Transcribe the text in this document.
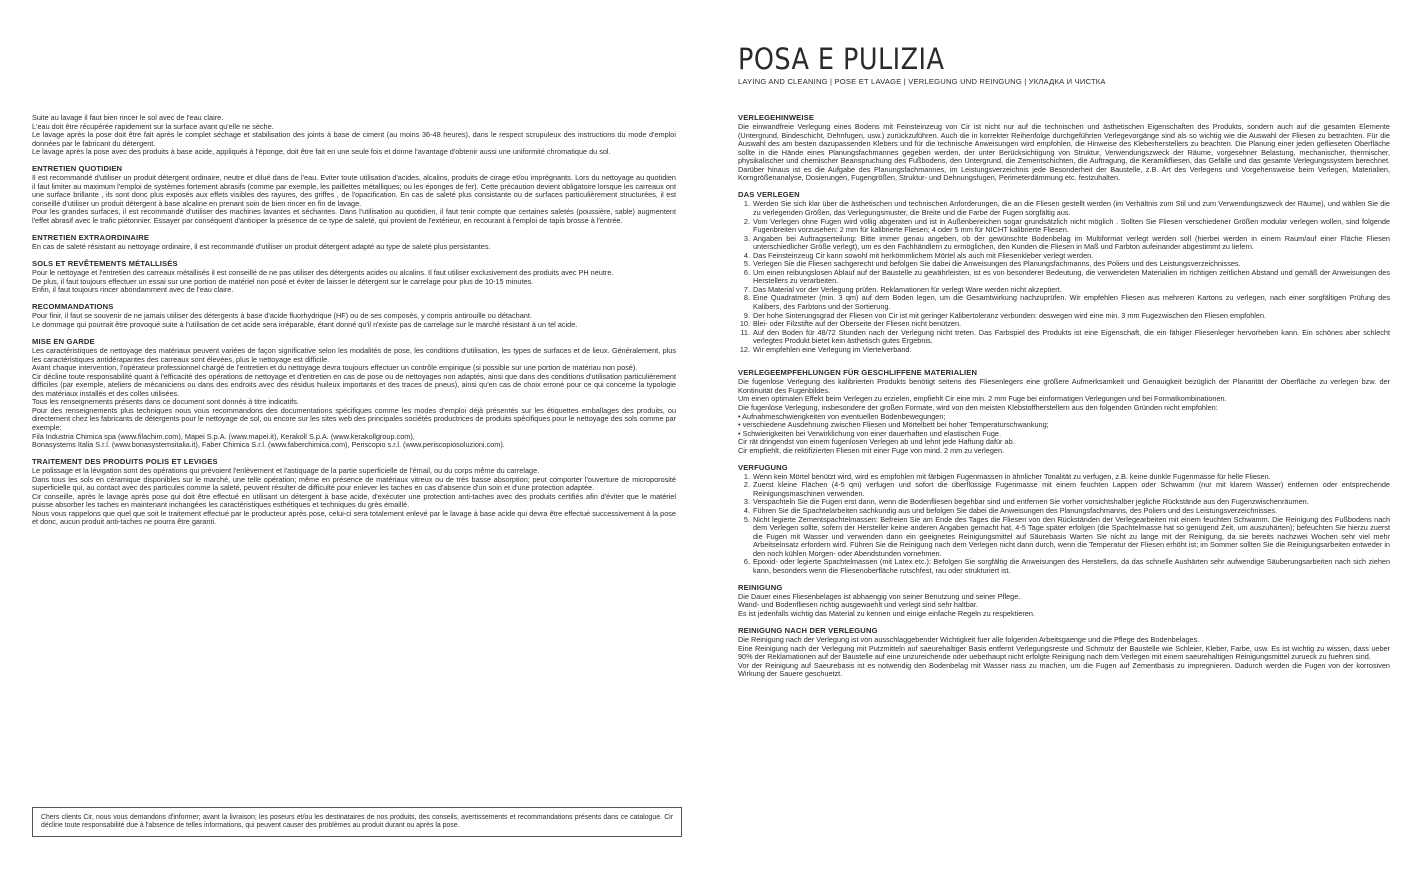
POSA E PULIZIA
LAYING AND CLEANING | POSE ET LAVAGE | VERLEGUNG UND REINGUNG | УКЛАДКА И ЧИСТКА

Suite au lavage il faut bien rincer le sol avec de l'eau claire.

L'eau doit être récupérée rapidement sur la surface avant qu'elle ne sèche.

Le lavage après la pose doit être fait après le complet séchage et stabilisation des joints à base de ciment (au moins 36-48 heures), dans le respect scrupuleux des instructions du mode d'emploi données par le fabricant du détergent.

Le lavage après la pose avec des produits à base acide, appliqués à l'éponge, doit être fait en une seule fois et donne l'avantage d'obtenir aussi une uniformité chromatique du sol.

ENTRETIEN QUOTIDIEN

Il est recommandé d'utiliser un produit détergent ordinaire, neutre et dilué dans de l'eau. Eviter toute utilisation d'acides, alcalins, produits de cirage et/ou imprégnants. Lors du nettoyage au quotidien il faut limiter au maximum l'emploi de systèmes fortement abrasifs (comme par exemple, les paillettes métalliques; ou les éponges de fer). Cette précaution devient obligatoire lorsque les carreaux ont une surface brillante , ils sont donc plus exposés aux effets visibles des rayures, des griffes , de l'opacification. En cas de saleté plus consistante ou de surfaces particulièrement structurées, il est conseillé d'utiliser un produit détergent à base alcaline en prenant soin de bien rincer en fin de lavage.

Pour les grandes surfaces, il est recommandé d'utiliser des machines lavantes et séchantes. Dans l'utilisation au quotidien, il faut tenir compte que certaines saletés (poussière, sable) augmentent l'effet abrasif avec le trafic piétonnier. Essayer par conséquent d'anticiper la présence de ce type de saleté, qui provient de l'extérieur, en recourant à l'emploi de tapis brosse à l'entrée.

ENTRETIEN EXTRAORDINAIRE

En cas de saleté résistant au nettoyage ordinaire, il est recommandé d'utiliser un produit détergent adapté au type de saleté plus persistantes.

SOLS ET REVÊTEMENTS MÉTALLISÉS

Pour le nettoyage et l'entretien des carreaux métallisés il est conseillé de ne pas utiliser des détergents acides ou alcalins. Il faut utiliser exclusivement des produits avec PH neutre.

De plus, il faut toujours effectuer un essai sur une portion de matériel non posé et éviter de laisser le détergent sur le carrelage pour plus de 10-15 minutes.

Enfin, il faut toujours rincer abondamment avec de l'eau claire.

RECOMMANDATIONS

Pour finir, il faut se souvenir de ne jamais utiliser des détergents à base d'acide fluorhydrique (HF) ou de ses composés, y compris antirouille ou détachant.

Le dommage qui pourrait être provoqué suite à l'utilisation de cet acide sera irréparable, étant donné qu'il n'existe pas de carrelage sur le marché résistant à un tel acide.

MISE EN GARDE

Les caractéristiques de nettoyage des matériaux peuvent variées de façon significative selon les modalités de pose, les conditions d'utilisation, les types de surfaces et de lieux. Généralement, plus les caractéristiques antidérapantes des carreaux sont élevées, plus le nettoyage est difficile.

Avant chaque intervention, l'opérateur professionnel chargé de l'entretien et du nettoyage devra toujours effectuer un contrôle empirique (si possible sur une portion de matériau non posé).

Cir décline toute responsabilité quant à l'efficacité des opérations de nettoyage et d'entretien en cas de pose ou de nettoyages non adaptés, ainsi que dans des conditions d'utilisation particulièrement difficiles (par exemple, ateliers de mécaniciens ou dans des endroits avec des résidus huileux importants et des traces de pneus), ainsi qu'en cas de choix erroné pour ce qui concerne la typologie des matériaux installés et des colles utilisées.

Tous les renseignements présents dans ce document sont donnés à titre indicatifs.

Pour des renseignements plus techniques nous vous recommandons des documentations spécifiques comme les modes d'emploi déjà présentés sur les étiquettes emballages des produits, ou directement chez les fabricants de détergents pour le nettoyage de sol, ou encore sur les sites web des principales sociétés productrices de produits spécifiques pour le nettoyage des sols comme par exemple:

Fila Industria Chimica spa (www.filachim.com), Mapei S.p.A. (www.mapei.it), Kerakoll S.p.A. (www.kerakollgroup.com),

Bonasystems Italia S.r.l. (www.bonasystemsitalia.it), Faber Chimica S.r.l. (www.faberchimica.com), Periscopio s.r.l. (www.periscopiosoluzioni.com).

TRAITEMENT DES PRODUITS POLIS ET LEVIGES

Le polissage et la lévigation sont des opérations qui prévoient l'enlèvement et l'astiquage de la partie superficielle de l'émail, ou du corps même du carrelage.

Dans tous les sols en céramique disponibles sur le marché, une telle opération; même en présence de matériaux vitreux ou de très basse absorption; peut comporter l'ouverture de microporosité superficielle qui, au contact avec des particules comme la saleté, peuvent résulter de difficulté pour enlever les taches en cas d'absence d'un soin et d'une protection adaptée.

Cir conseille, après le lavage après pose qui doit être effectué en utilisant un détergent à base acide, d'exécuter une protection anti-taches avec des produits certifiés afin d'éviter que le matériel puisse absorber les taches en maintenant inchangées les caractéristiques esthétiques et techniques du grès émaillé.

Nous vous rappelons que quel que soit le traitement effectué par le producteur après pose, celui-ci sera totalement enlevé par le lavage à base acide qui devra être effectué successivement à la pose et donc, aucun produit anti-taches ne pourra être garanti.

Chers clients Cir, nous vous demandons d'informer; avant la livraison; les poseurs et/ou les destinataires de nos produits, des conseils, avertissements et recommandations présents dans ce catalogue. Cir décline toute responsabilité due à l'absence de telles informations, qui peuvent causer des problèmes au produit durant ou après la pose.

VERLEGEHINWEISE

Die einwandfreie Verlegung eines Bodens mit Feinsteinzeug von Cir ist nicht nur auf die technischen und ästhetischen Eigenschaften des Produkts, sondern auch auf die gesamten Elemente (Untergrund, Bindeschicht, Dehnfugen, usw.) zurückzuführen. Auch die in korrekter Reihenfolge durchgeführten Verlegevorgänge sind als so wichtig wie die Auswahl der Fliesen zu betrachten. Für die Auswahl des am besten dazupassenden Klebers und für die technische Anweisungen wird empfohlen, die Hinweise des Kleberherstellers zu beachten. Die Planung einer jeden geflieseten Oberfläche sollte in die Hände eines Planungsfachmannes gegeben werden, der unter Berücksichtigung von Struktur, Verwendungszweck der Räume, vorgesehner Belastung, mechanischer, thermischer, physikalischer und chemischer Beanspruchung des Fußbodens, den Untergrund, die Zementschichten, die Auftragung, die Keramikfliesen, das Gefälle und das gesamte Verlegungssystem berechnet. Darüber hinaus ist es die Aufgabe des Planungsfachmannes, im Leistungsverzeichnis jede Besonderheit der Baustelle, z.B. Art des Verlegens und Vorgehensweise beim Verlegen, Materialien, Korngrößenanalyse, Dosierungen, Fugengrößen, Struktur- und Dehnungsfugen, Perimeterdämmung etc. festzuhalten.

DAS VERLEGEN
1. Werden Sie sich klar über die ästhetischen und technischen Anforderungen, die an die Fliesen gestellt werden (im Verhältnis zum Stil und zum Verwendungszweck der Räume), und wählen Sie die zu verlegenden Größen, das Verlegungsmuster, die Breite und die Farbe der Fugen sorgfältig aus.
2. Vom Verlegen ohne Fugen wird völlig abgeraten und ist in Außenbereichen sogar grundsätzlich nicht möglich . Sollten Sie Fliesen verschiedener Größen modular verlegen wollen, sind folgende Fugenbreiten vorzusehen: 2 mm für kalibrierte Fliesen; 4 oder 5 mm für NICHT kalibrierte Fliesen.
3. Angaben bei Auftragserteilung: Bitte immer genau angeben, ob der gewünschte Bodenbelag im Multiformat verlegt werden soll (hierbei werden in einem Raum/auf einer Fläche Fliesen unterschiedlicher Größe verlegt), um es den Fachhändlern zu ermöglichen, den Kunden die Fliesen in Maß und Farbton aufeinander abgestimmt zu liefern.
4. Das Feinsteinzeug Cir kann sowohl mit herkömmlichem Mörtel als auch mit Fliesenkleber verlegt werden.
5. Verlegen Sie die Fliesen sachgerecht und befolgen Sie dabei die Anweisungen des Planungsfachmanns, des Poliers und des Leistungsverzeichnisses.
6. Um einen reibungslosen Ablauf auf der Baustelle zu gewährleisten, ist es von besonderer Bedeutung, die verwendeten Materialien im richtigen zeitlichen Abstand und gemäß der Anweisungen des Herstellers zu verarbeiten.
7. Das Material vor der Verlegung prüfen. Reklamationen für verlegt Ware werden nicht akzeptiert.
8. Eine Quadratmeter (min. 3 qm) auf dem Boden legen, um die Gesamtwirkung nachzuprüfen. Wir empfehlen Fliesen aus mehreren Kartons zu verlegen, nach einer sorgfältigen Prüfung des Kalibers, des Farbtons und der Sortierung.
9. Der hohe Sinterungsgrad der Fliesen von Cir ist mit geringer Kalibertoleranz verbunden: deswegen wird eine min. 3 mm Fugezwischen den Fliesen empfohlen.
10. Blei- oder Filzstifte auf der Oberseite der Fliesen nicht benützen.
11. Auf den Boden für 48/72 Stunden nach der Verlegung nicht treten. Das Farbspiel des Produkts ist eine Eigenschaft, die ein fähiger Fliesenleger hervorheben kann. Ein schönes aber schlecht verlegtes Produkt bietet kein ästhetisch gutes Ergebnis.
12. Wir empfehlen eine Verlegung im Viertelverband.
VERLEGEEMPFEHLUNGEN FÜR GESCHLIFFENE MATERIALIEN

Die fugenlose Verlegung des kalibrierten Produkts benötigt seitens des Fliesenlegers eine größere Aufmerksamkeit und Genauigkeit bezüglich der Planarität der Oberfläche zu verlegen bzw. der Kontinuität des Fugenbildes.

Um einen optimalen Effekt beim Verlegen zu erzielen, empfiehlt Cir eine min. 2 mm Fuge bei einformatigen Verlegungen und bei Formatkombinationen.

Die fugenlose Verlegung, insbesondere der großen Formate, wird von den meisten Klebstoffherstellern aus den folgenden Gründen nicht empfohlen:

• Aufnahmeschwierigkeiten von eventuellen Bodenbewegungen;

• verschiedene Ausdehnung zwischen Fliesen und Mörtelbett bei hoher Temperaturschwankung;

• Schwierigkeiten bei Verwirklichung von einer dauerhaften und elastischen Fuge.

Cir rät dringendst von einem fugenlosen Verlegen ab und lehnt jede Haftung dafür ab.

Cir empfiehlt, die rektifizierten Fliesen mit einer Fuge von mind. 2 mm zu verlegen.

VERFUGUNG
1. Wenn kein Mörtel benützt wird, wird es empfohlen mit färbigen Fugenmassen in ähnlicher Tonalität zu verfugen, z.B. keine dunkle Fugenmasse für helle Fliesen.
2. Zuerst kleine Flächen (4-5 qm) verfugen und sofort die überflüssige Fugenmasse mit einem feuchten Lappen oder Schwamm (nur mit klarem Wasser) entfernen oder entsprechende Reinigungsmaschinen verwenden.
3. Verspachteln Sie die Fugen erst dann, wenn die Bodenfliesen begehbar sind und entfernen Sie vorher vorsichtshalber jegliche Rückstände aus den Fugenzwischenräumen.
4. Führen Sie die Spachtelarbeiten sachkundig aus und befolgen Sie dabei die Anweisungen des Planungsfachmanns, des Poliers und des Leistungsverzeichnisses.
5. Nicht legierte Zementspachtelmassen: Befreien Sie am Ende des Tages die Fliesen von den Rückständen der Verlegearbeiten mit einem feuchten Schwamm. Die Reinigung des Fußbodens nach dem Verlegen sollte, sofern der Hersteller keine anderen Angaben gemacht hat, 4-5 Tage später erfolgen (die Spachtelmasse hat so genügend Zeit, um auszuhärten); befeuchten Sie hierzu zuerst die Fugen mit Wasser und verwenden dann ein geeignetes Reinigungsmittel auf Säurebasis Warten Sie nicht zu lange mit der Reinigung, da sie bereits nachzwei Wochen sehr viel mehr Arbeitseinsatz erfordern wird. Führen Sie die Reinigung nach dem Verlegen nicht dann durch, wenn die Temperatur der Fliesen erhöht ist; im Sommer sollten Sie die Reinigungsarbeiten entweder in den noch kühlen Morgen- oder Abendstunden vornehmen.
6. Epoxid- oder legierte Spachtelmassen (mit Latex etc.): Befolgen Sie sorgfältig die Anweisungen des Herstellers, da das schnelle Aushärten sehr aufwendige Säuberungsarbeiten nach sich ziehen kann, besonders wenn die Fliesenoberfläche rutschfest, rau oder strukturiert ist.
REINIGUNG

Die Dauer eines Fliesenbelages ist abhaengig von seiner Benutzung und seiner Pflege.

Wand- und Bodenfliesen richtig ausgewaehlt und verlegt sind sehr haltbar.

Es ist jedenfalls wichtig das Material zu kennen und einige einfache Regeln zu respektieren.

REINIGUNG NACH DER VERLEGUNG

Die Reinigung nach der Verlegung ist von ausschlaggebender Wichtigkeit fuer alle folgenden Arbeitsgaenge und die Pflege des Bodenbelages.

Eine Reinigung nach der Verlegung mit Putzmitteln auf saeurehaltiger Basis entfernt Verlegungsreste und Schmutz der Baustelle wie Schleier, Kleber, Farbe, usw. Es ist wichtig zu wissen, dass ueber 90% der Reklamationen auf der Baustelle auf eine unzureichende oder ueberhaupt nicht erfolgte Reinigung nach dem Verlegen mit einem saeurehaltigen Reinigungsmittel zurueck zu fuehren sind.

Vor der Reinigung auf Saeurebasis ist es notwendig den Bodenbelag mit Wasser nass zu machen, um die Fugen auf Zementbasis zu impregnieren. Dadurch werden die Fugen von der korrosiven Wirkung der Sauere geschuetzt.
